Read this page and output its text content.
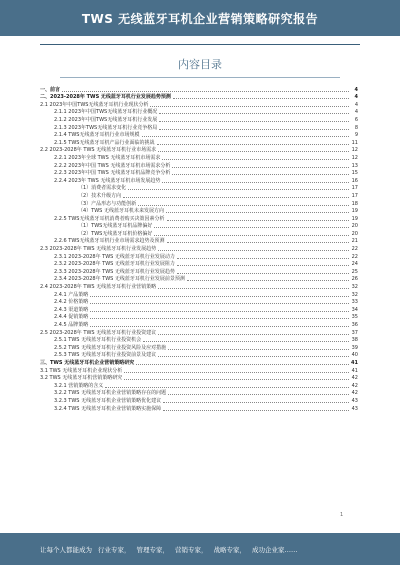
TWS 无线蓝牙耳机企业营销策略研究报告
内容目录
一、前言	4
二、2023-2028年 TWS 无线蓝牙耳机行业发展趋势预测	4
2.1 2023年中国TWS无线蓝牙耳机行业现状分析	4
2.1.1 2023年中国TWS无线蓝牙耳机行业概况	4
2.1.2 2023年中国TWS无线蓝牙耳机行业发展	6
2.1.3 2023年TWS无线蓝牙耳机行业竞争格局	8
2.1.4 TWS无线蓝牙耳机行业市场规模	9
2.1.5 TWS无线蓝牙耳机产品行业面临的挑战	11
2.2 2023-2028年 TWS 无线蓝牙耳机行业市场需求	12
2.2.1 2023年全球 TWS 无线蓝牙耳机市场需求	12
2.2.2 2023年中国 TWS 无线蓝牙耳机市场需求分析	13
2.2.3 2023年中国 TWS 无线蓝牙耳机品牌竞争分析	15
2.2.4 2023年 TWS 无线蓝牙耳机市场发展趋势	16
（1）消费者需求变化	17
（2）技术升级方向	17
（3）产品形态与功能创新	18
（4）TWS 无线蓝牙耳机未来发展方向	19
2.2.5 TWS无线蓝牙耳机消费者购买决策因素分析	19
（1）TWS无线蓝牙耳机品牌偏好	20
（2）TWS无线蓝牙耳机价格偏好	20
2.2.6 TWS无线蓝牙耳机行业市场需求趋势及预测	21
2.3 2023-2028年 TWS 无线蓝牙耳机行业发展趋势	22
2.3.1 2023-2028年 TWS 无线蓝牙耳机行业发展动力	22
2.3.2 2023-2028年 TWS 无线蓝牙耳机行业发展阻力	24
2.3.3 2023-2028年 TWS 无线蓝牙耳机行业发展趋势	25
2.3.4 2023-2028年 TWS 无线蓝牙耳机行业发展前景预测	26
2.4 2023-2028年 TWS 无线蓝牙耳机行业营销策略	32
2.4.1 产品策略	32
2.4.2 价格策略	33
2.4.3 渠道策略	34
2.4.4 促销策略	35
2.4.5 品牌策略	36
2.5 2023-2028年 TWS 无线蓝牙耳机行业投资建议	37
2.5.1 TWS 无线蓝牙耳机行业投资机会	38
2.5.2 TWS 无线蓝牙耳机行业投资风险及应对措施	39
2.5.3 TWS 无线蓝牙耳机行业投资前景及建议	40
三、TWS 无线蓝牙耳机企业营销策略研究	41
3.1 TWS 无线蓝牙耳机企业现状分析	41
3.2 TWS 无线蓝牙耳机营销策略研究	42
3.2.1 营销策略的含义	42
3.2.2 TWS 无线蓝牙耳机企业营销策略存在的问题	42
3.2.3 TWS 无线蓝牙耳机企业营销策略优化建议	43
3.2.4 TWS 无线蓝牙耳机企业营销策略实施保障	43
1
让每个人都能成为 行业专家， 管理专家， 营销专家， 战略专家， 成功企业家……
